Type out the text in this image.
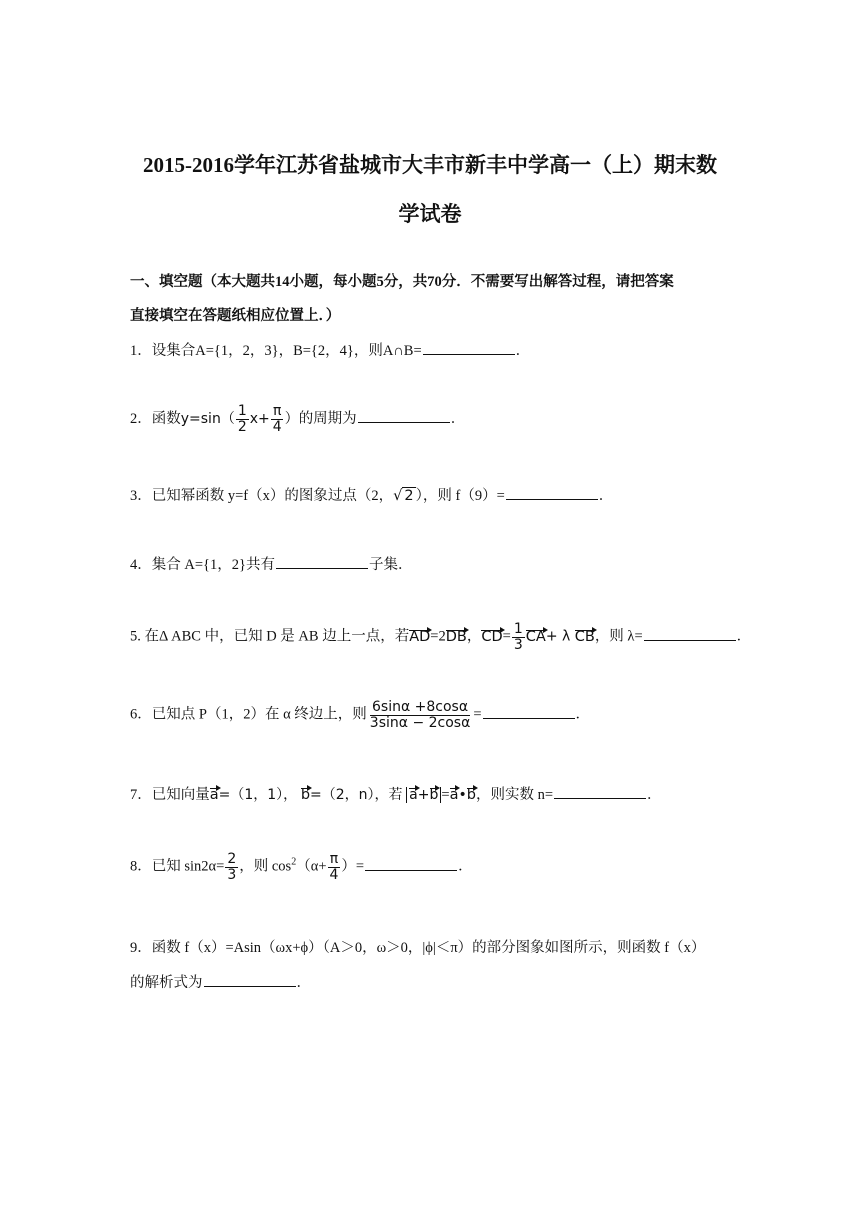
2015-2016学年江苏省盐城市大丰市新丰中学高一（上）期末数
学试卷
一、填空题（本大题共14小题，每小题5分，共70分．不需要写出解答过程，请把答案
直接填空在答题纸相应位置上．）
1．设集合A={1，2，3}，B={2，4}，则A∩B=	．
2．函数$y=\sin( \frac{1}{2} x+ \frac{\pi}{4}$ ）的周期为	．
3．已知幂函数 y=f（x）的图象过点（2，√ 2 ），则 f（9）=	．
4．集合 A={1，2}共有	子集．
5. 在Δ ABC 中，已知 D 是 AB 边上一点，若AD=2DB，$CD= \frac{1}{3} CA+ \lambda$ CB，则 λ=	．
6．已知点 P（1，2）在 α 终边上，则 $\frac{6\sin\alpha +8\cos\alpha}{3\sin\alpha - 2\cos\alpha}$ =	．
7．已知向量a=（1，1）， b=（2，n），若 a+b =a•b，则实数 n=	．
8．已知 $\sin 2\alpha= \frac{2}{3}$ ，则 $\cos^2(\alpha+ \frac{\pi}{4}$ ）=	．
9．函数 f（x）=Asin（ωx+ϕ）（A＞0，ω＞0，|ϕ|＜π）的部分图象如图所示，则函数 f（x）
的解析式为	．
